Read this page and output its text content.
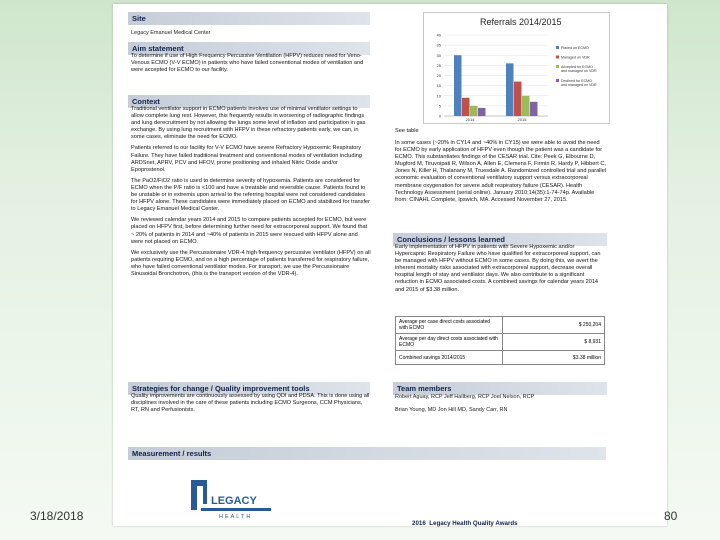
Site
Legacy Emanuel Medical Center
Aim statement
To determine if use of High Frequency Percussive Ventilation (HFPV) reduces need for Veno-Venous ECMO (V-V ECMO) in patients who have failed conventional modes of ventilation and were accepted for ECMO to our facility.
Context

Traditional ventilator support in ECMO patients involves use of minimal ventilator settings to allow complete lung rest. However, this frequently results in worsening of radiographic findings and lung derecruitment by not allowing the lungs some level of inflation and participation in gas exchange. By using lung recruitment with HFPV in these refractory patients early, we can, in some cases, eliminate the need for ECMO.

Patients referred to our facility for V-V ECMO have severe Refractory Hypoxemic Respiratory Failure. They have failed traditional treatment and conventional modes of ventilation including ARDSnet, APRV, PCV and HFOV, prone positioning and inhaled Nitric Oxide and/or Epoprostenol.

The PaO2/FiO2 ratio is used to determine severity of hypoxemia. Patients are considered for ECMO when the P/F ratio is <100 and have a treatable and reversible cause. Patients found to be unstable or in extremis upon arrival to the referring hospital were not considered candidates for HFPV alone. These candidates were immediately placed on ECMO and stabilized for transfer to Legacy Emanuel Medical Center.

We reviewed calendar years 2014 and 2015 to compare patients accepted for ECMO, but were placed on HFPV first, before determining further need for extracorporeal support. We found that ~ 20% of patients in 2014 and ~40% of patients in 2015 were rescued with HFPV alone and were not placed on ECMO.

We exclusively use the Percussionaire VDR-4 high frequency percussive ventilator (HFPV) on all patients requiring ECMO, and on a high percentage of patients transferred for respiratory failure, who have failed conventional ventilator modes. For transport, we use the Percussionaire Sinusoidal Bronchotron, (this is the transport version of the VDR-4).

Strategies for change / Quality improvement tools
Quality improvements are continuously assessed by using QDI and PDSA. This is done using all disciplines involved in the care of these patients including ECMO Surgeons, CCM Physicians, RT, RN and Perfusionists.
Measurement / results
Referrals 2014/2015
0
5
10
15
20
25
30
35
40
2014	2015
Placed on ECMO
Managed on VDR
Accepted for ECMO and managed on VDR
Declined for ECMO and managed on VDR
See table
In some cases (~20% in CY14 and ~40% in CY15) we were able to avoid the need for ECMO by early application of HFPV even though the patient was a candidate for ECMO. This substantiates findings of the CESAR trial. Cite: Peek G, Elbourne D, Mugford M, Tiruvoipati R, Wilson A, Allen E, Clemens F, Firmin R, Hardy P, Hibbert C, Jones N, Killer H, Thalanany M, Truesdale A. Randomized controlled trial and parallel economic evaluation of conventional ventilatory support versus extracorporeal membrane oxygenation for severe adult respiratory failure (CESAR). Health Technology Assessment (serial online). January 2010;14(35):1-74-74p. Available from: CINAHL Complete, Ipswich, MA. Accessed November 27, 2015.
Conclusions / lessons learned
Early implementation of HFPV in patients with Severe Hypoxemic and/or Hypercapnic Respiratory Failure who have qualified for extracorporeal support, can be managed with HFPV without ECMO in some cases. By doing this, we avert the inherent mortality risks associated with extracorporeal support, decrease overall hospital length of stay and ventilator days. We also contribute to a significant reduction in ECMO associated costs. A combined savings for calendar years 2014 and 2015 of $3.38 million.
Average per case direct costs associated with ECMO	$ 250,204
Average per day direct costs associated with ECMO	$ 8,931
Combined savings 2014/2015	$3.38 million
Team members
Robert Aguay, RCP Jeff Hallberg, RCP Joel Nelson, RCP
Brian Young, MD Jon Hill MD, Sandy Carr, RN
LEGACY
HEALTH
2016 Legacy Health Quality Awards
3/18/2018	80
